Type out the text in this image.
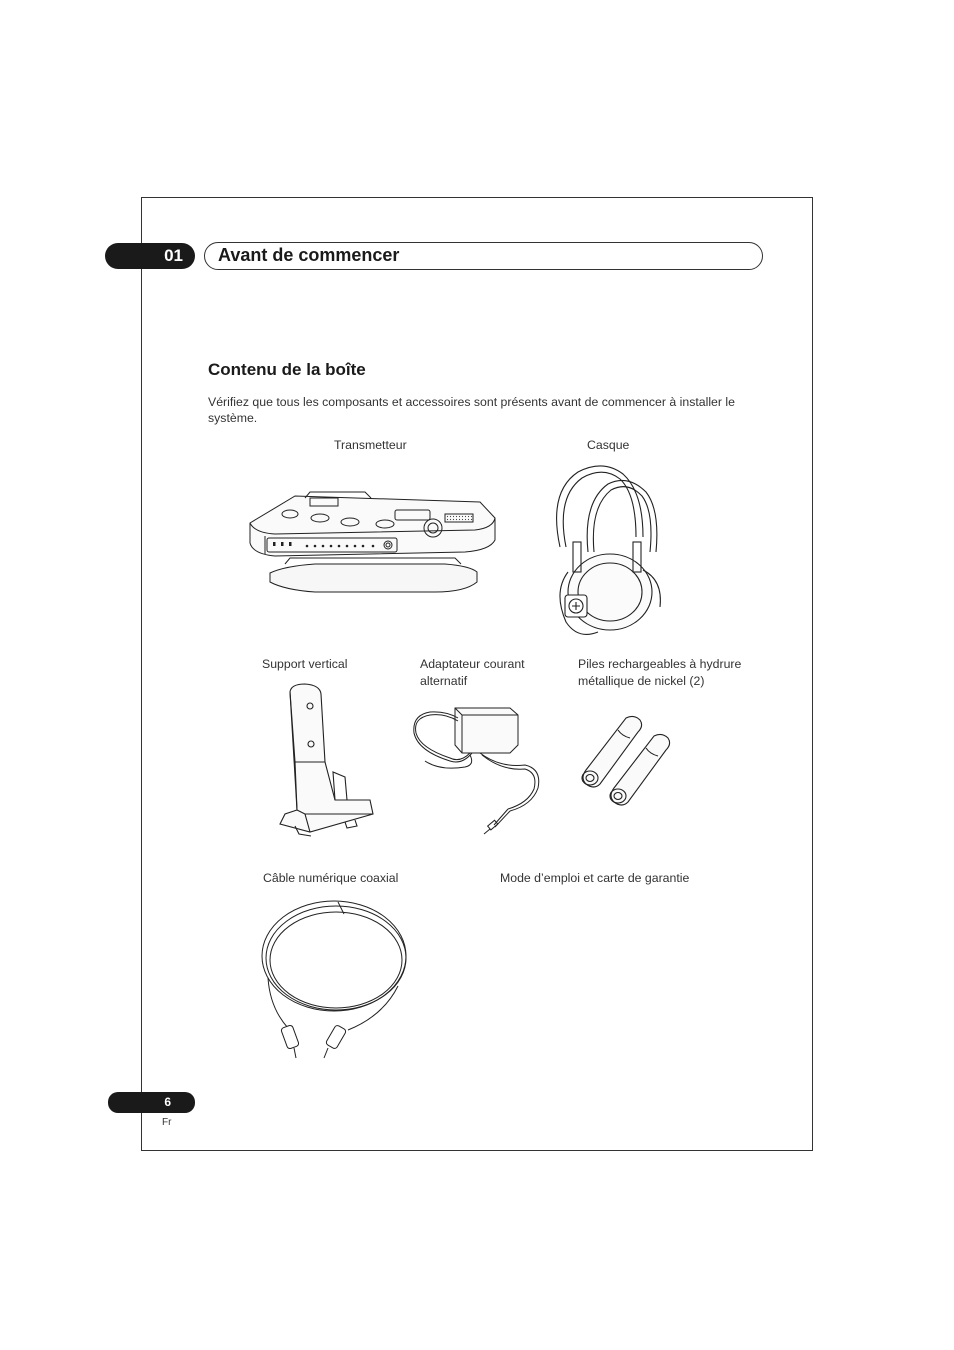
01	Avant de commencer
Contenu de la boîte
Vérifiez que tous les composants et accessoires sont présents avant de commencer à installer le système.
Transmetteur	Casque
Support vertical	Adaptateur courant
alternatif
Piles rechargeables à hydrure
métallique de nickel (2)
Câble numérique coaxial	Mode d’emploi et carte de garantie
6
Fr
